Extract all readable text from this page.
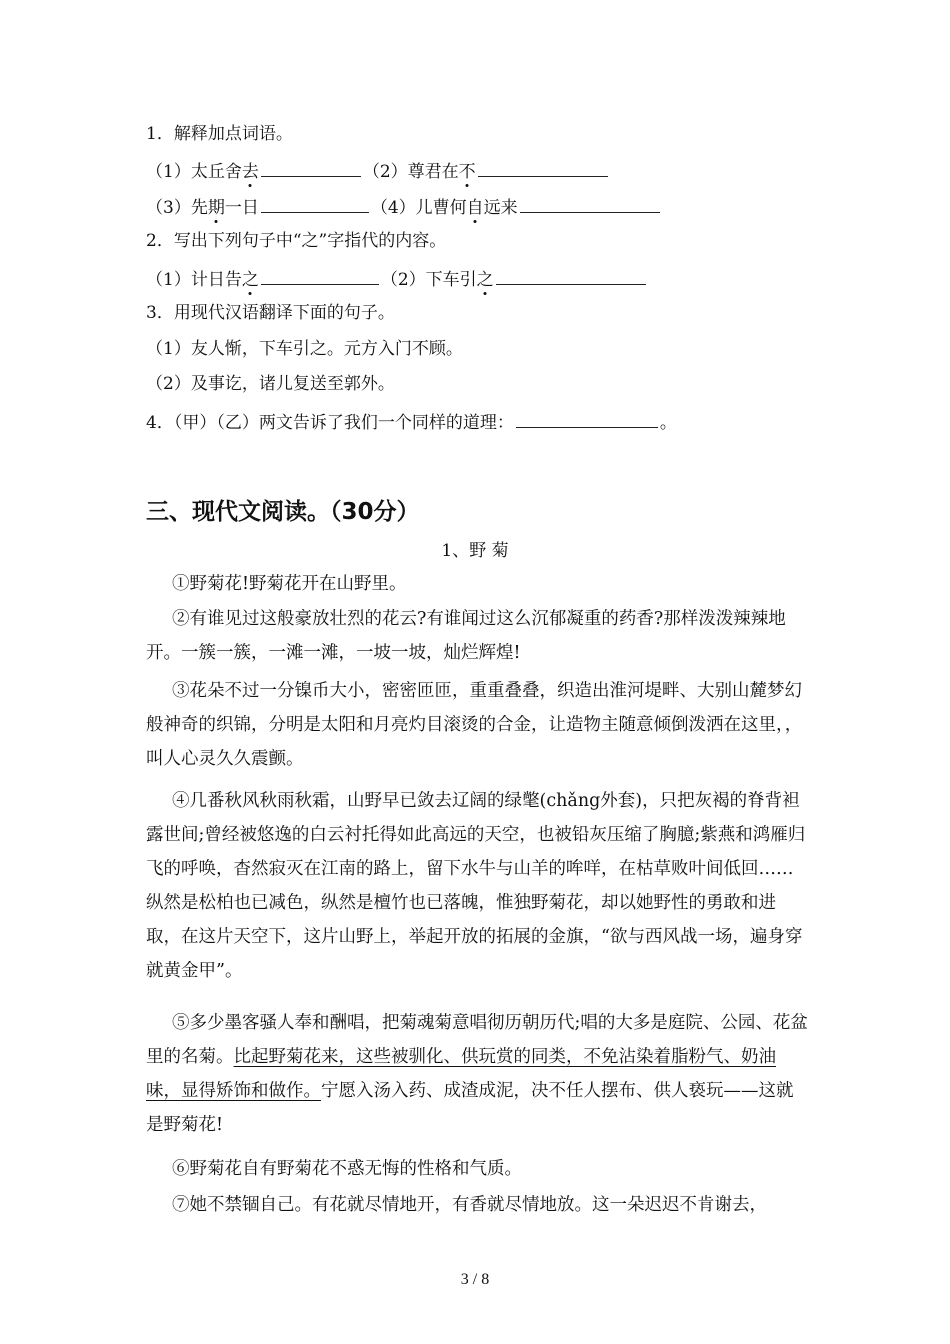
1．解释加点词语。
（1）太丘舍去	（2）尊君在不
（3）先期一日	（4）儿曹何自远来
2．写出下列句子中“之”字指代的内容。
（1）计日告之	（2）下车引之
3．用现代汉语翻译下面的句子。
（1）友人惭，下车引之。元方入门不顾。
（2）及事讫，诸儿复送至郭外。
4．（甲）（乙）两文告诉了我们一个同样的道理：	。
三、现代文阅读。（30分）
1、野 菊
①野菊花!野菊花开在山野里。
②有谁见过这般豪放壮烈的花云?有谁闻过这么沉郁凝重的药香?那样泼泼辣辣地开。一簇一簇，一滩一滩，一坡一坡，灿烂辉煌!
③花朵不过一分镍币大小，密密匝匝，重重叠叠，织造出淮河堤畔、大别山麓梦幻般神奇的织锦，分明是太阳和月亮灼目滚烫的合金，让造物主随意倾倒泼洒在这里，，叫人心灵久久震颤。
④几番秋风秋雨秋霜，山野早已敛去辽阔的绿氅(chǎng外套)，只把灰褐的脊背袒露世间;曾经被悠逸的白云衬托得如此高远的天空，也被铅灰压缩了胸臆;紫燕和鸿雁归飞的呼唤，杳然寂灭在江南的路上，留下水牛与山羊的哞咩，在枯草败叶间低回……纵然是松柏也已减色，纵然是檀竹也已落魄，惟独野菊花，却以她野性的勇敢和进取，在这片天空下，这片山野上，举起开放的拓展的金旗，“欲与西风战一场，遍身穿就黄金甲”。
⑤多少墨客骚人奉和酬唱，把菊魂菊意唱彻历朝历代;唱的大多是庭院、公园、花盆里的名菊。比起野菊花来，这些被驯化、供玩赏的同类，不免沾染着脂粉气、奶油味，显得矫饰和做作。宁愿入汤入药、成渣成泥，决不任人摆布、供人亵玩——这就是野菊花!
⑥野菊花自有野菊花不惑无悔的性格和气质。
⑦她不禁锢自己。有花就尽情地开，有香就尽情地放。这一朵迟迟不肯谢去，
3 / 8
